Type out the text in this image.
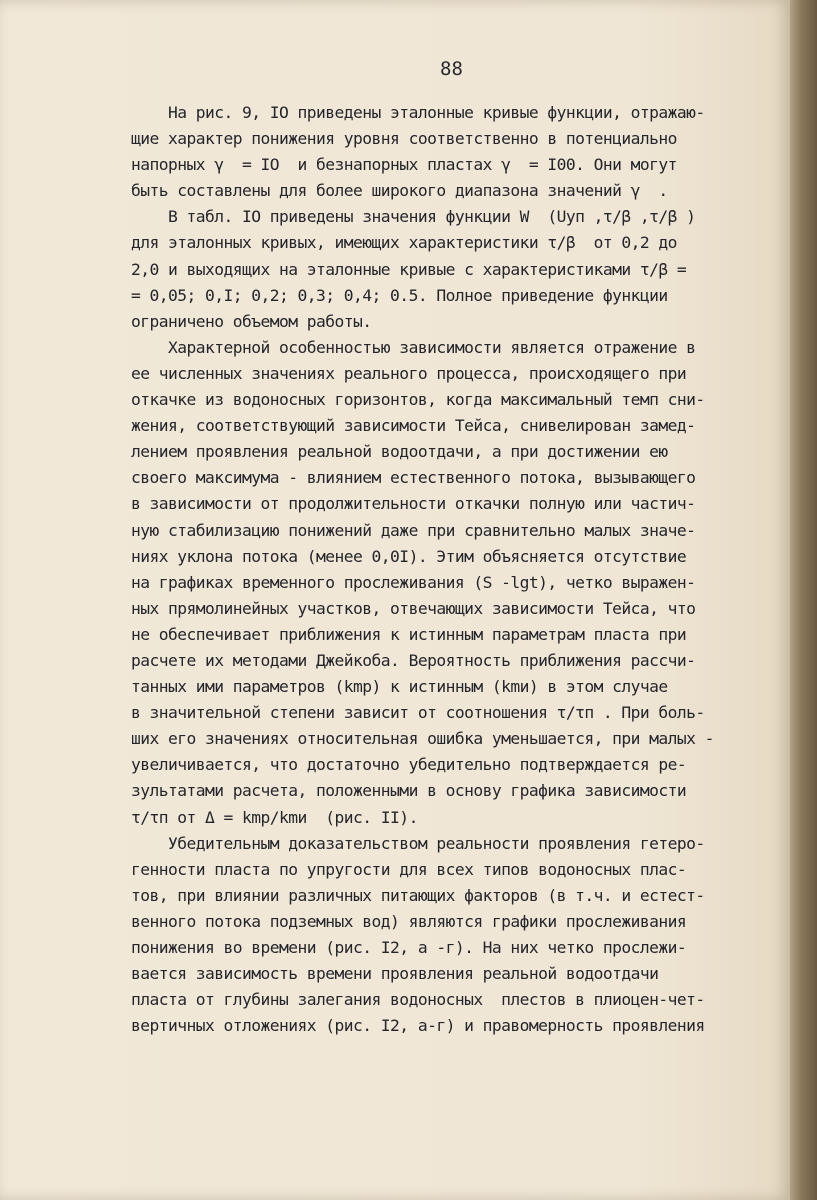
88
На рис. 9, IO приведены эталонные кривые функции, отражаю-
щие характер понижения уровня соответственно в потенциально
напорных γ  = IO  и безнапорных пластах γ  = I00. Они могут
быть составлены для более широкого диапазона значений γ  .
В табл. IO приведены значения функции W  (Uуп ,τ/β ,τ/β )
для эталонных кривых, имеющих характеристики τ/β  от 0,2 до
2,0 и выходящих на эталонные кривые с характеристиками τ/β =
= 0,05; 0,I; 0,2; 0,3; 0,4; 0.5. Полное приведение функции
ограничено объемом работы.
Характерной особенностью зависимости является отражение в
ее численных значениях реального процесса, происходящего при
откачке из водоносных горизонтов, когда максимальный темп сни-
жения, соответствующий зависимости Тейса, снивелирован замед-
лением проявления реальной водоотдачи, а при достижении ею
своего максимума - влиянием естественного потока, вызывающего
в зависимости от продолжительности откачки полную или частич-
ную стабилизацию понижений даже при сравнительно малых значе-
ниях уклона потока (менее 0,0I). Этим объясняется отсутствие
на графиках временного прослеживания (S -lgt), четко выражен-
ных прямолинейных участков, отвечающих зависимости Тейса, что
не обеспечивает приближения к истинным параметрам пласта при
расчете их методами Джейкоба. Вероятность приближения рассчи-
танных ими параметров (kmр) к истинным (kmи) в этом случае
в значительной степени зависит от соотношения τ/τп . При боль-
ших его значениях относительная ошибка уменьшается, при малых -
увеличивается, что достаточно убедительно подтверждается ре-
зультатами расчета, положенными в основу графика зависимости
τ/τп от Δ = kmр/kmи  (рис. II).
Убедительным доказательством реальности проявления гетеро-
генности пласта по упругости для всех типов водоносных плас-
тов, при влиянии различных питающих факторов (в т.ч. и естест-
венного потока подземных вод) являются графики прослеживания
понижения во времени (рис. I2, а -г). На них четко прослежи-
вается зависимость времени проявления реальной водоотдачи
пласта от глубины залегания водоносных  плестов в плиоцен-чет-
вертичных отложениях (рис. I2, а-г) и правомерность проявления
